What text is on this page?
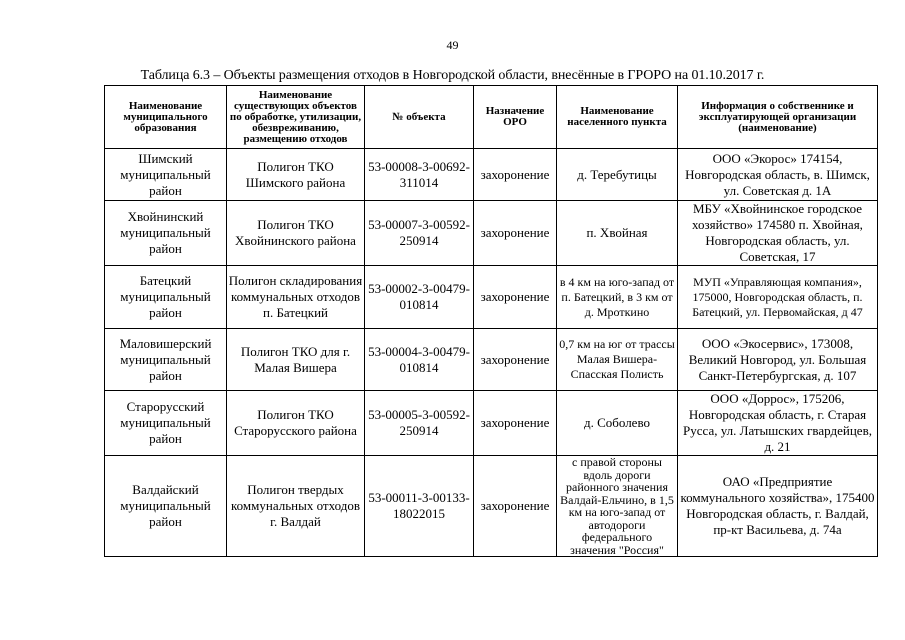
49
Таблица 6.3 – Объекты размещения отходов в Новгородской области, внесённые в ГРОРО на 01.10.2017 г.
Наименование муниципального образования	Наименование существующих объектов по обработке, утилизации, обезвреживанию, размещению отходов	№ объекта	Назначение ОРО	Наименование населенного пункта	Информация о собственнике и эксплуатирующей организации (наименование)
Шимский муниципальный район	Полигон ТКО Шимского района	53-00008-3-00692-311014	захоронение	д. Теребутицы	ООО «Экорос» 174154, Новгородская область, в. Шимск, ул. Советская д. 1А
Хвойнинский муниципальный район	Полигон ТКО Хвойнинского района	53-00007-3-00592-250914	захоронение	п. Хвойная	МБУ «Хвойнинское городское хозяйство» 174580 п. Хвойная, Новгородская область, ул. Советская, 17
Батецкий муниципальный район	Полигон складирования коммунальных отходов п. Батецкий	53-00002-3-00479-010814	захоронение	в 4 км на юго-запад от п. Батецкий, в 3 км от д. Мроткино	МУП «Управляющая компания», 175000, Новгородская область, п. Батецкий, ул. Первомайская, д 47
Маловишерский муниципальный район	Полигон ТКО для г. Малая Вишера	53-00004-3-00479-010814	захоронение	0,7 км на юг от трассы Малая Вишера-Спасская Полисть	ООО «Экосервис», 173008, Великий Новгород, ул. Большая Санкт-Петербургская, д. 107
Старорусский муниципальный район	Полигон ТКО Старорусского района	53-00005-3-00592-250914	захоронение	д. Соболево	ООО «Доррос», 175206, Новгородская область, г. Старая Русса, ул. Латышских гвардейцев, д. 21
Валдайский муниципальный район	Полигон твердых коммунальных отходов г. Валдай	53-00011-3-00133-18022015	захоронение	с правой стороны вдоль дороги районного значения Валдай-Ельчино, в 1,5 км на юго-запад от автодороги федерального значения "Россия"	ОАО «Предприятие коммунального хозяйства», 175400 Новгородская область, г. Валдай, пр-кт Васильева, д. 74а
